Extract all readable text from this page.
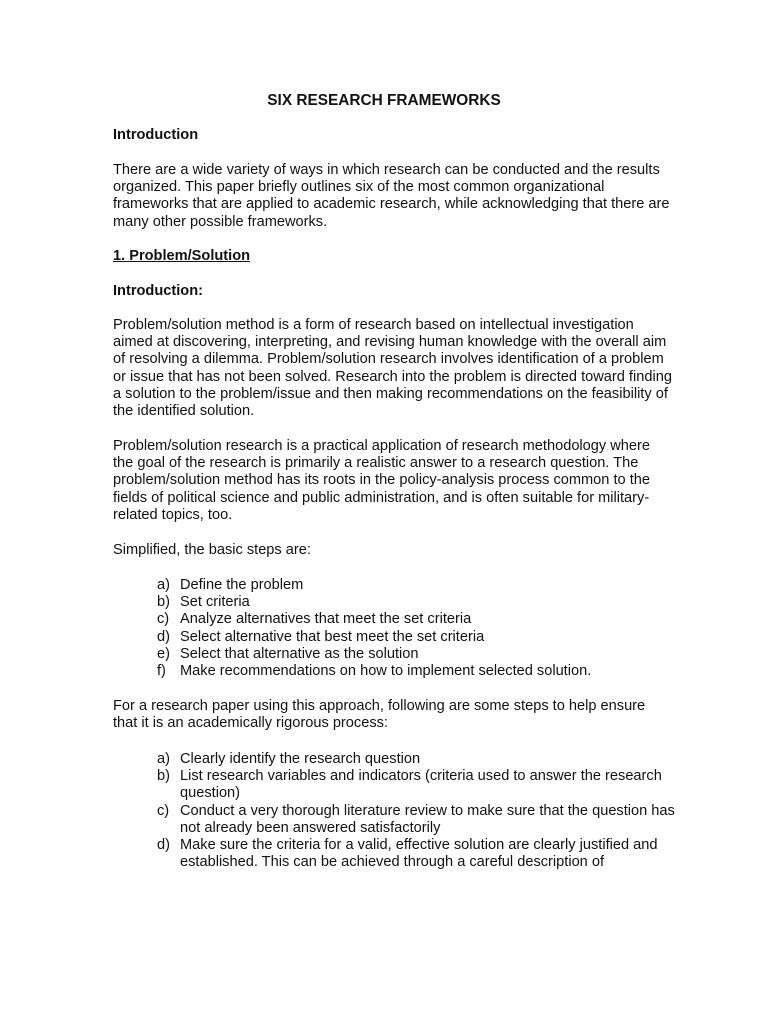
SIX RESEARCH FRAMEWORKS
Introduction

There are a wide variety of ways in which research can be conducted and the results organized. This paper briefly outlines six of the most common organizational frameworks that are applied to academic research, while acknowledging that there are many other possible frameworks.

1. Problem/Solution
Introduction:

Problem/solution method is a form of research based on intellectual investigation aimed at discovering, interpreting, and revising human knowledge with the overall aim of resolving a dilemma. Problem/solution research involves identification of a problem or issue that has not been solved. Research into the problem is directed toward finding a solution to the problem/issue and then making recommendations on the feasibility of the identified solution.

Problem/solution research is a practical application of research methodology where the goal of the research is primarily a realistic answer to a research question. The problem/solution method has its roots in the policy-analysis process common to the fields of political science and public administration, and is often suitable for military-related topics, too.

Simplified, the basic steps are:
a) Define the problem
b) Set criteria
c) Analyze alternatives that meet the set criteria
d) Select alternative that best meet the set criteria
e) Select that alternative as the solution
f) Make recommendations on how to implement selected solution.

For a research paper using this approach, following are some steps to help ensure that it is an academically rigorous process:

a) Clearly identify the research question
b) List research variables and indicators (criteria used to answer the research question)
c) Conduct a very thorough literature review to make sure that the question has not already been answered satisfactorily
d) Make sure the criteria for a valid, effective solution are clearly justified and established. This can be achieved through a careful description of
